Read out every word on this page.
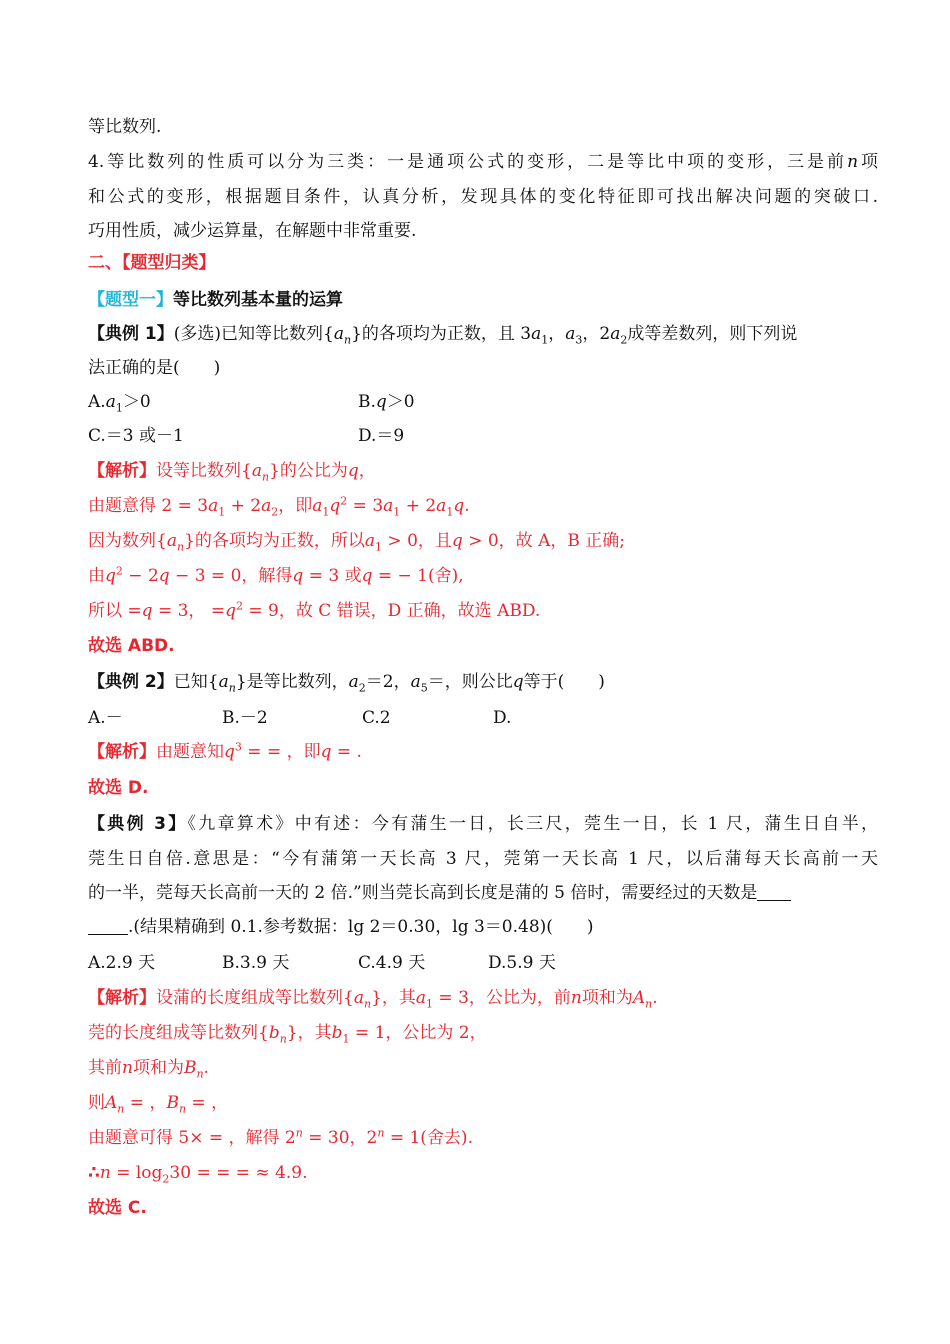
等比数列.
4.等比数列的性质可以分为三类：一是通项公式的变形，二是等比中项的变形，三是前n项
和公式的变形，根据题目条件，认真分析，发现具体的变化特征即可找出解决问题的突破口.
巧用性质，减少运算量，在解题中非常重要.
二、【题型归类】
【题型一】等比数列基本量的运算
【典例 1】(多选)已知等比数列$\{a_n\}$的各项均为正数，且 $3a_1$，$a_3$，$2a_2$成等差数列，则下列说
法正确的是(　　)
$A.a_1>0$	B.q＞0
C.＝3 或－1	D.＝9
【解析】设等比数列$\{a_n\}$的公比为q，
由题意得 $2 = 3a_1 + 2a_2$，即$a_1q^2 = 3a_1 + 2a_1q$.
因为数列$\{a_n\}$的各项均为正数，所以$a_1 > 0$，且q > 0，故 A，B 正确;
由$q^2 - 2q - 3 = 0$，解得q = 3 或q = − 1(舍),
所以 =q = 3， $=q^2 = 9$，故 C 错误，D 正确，故选 ABD.
故选 ABD.
【典例 2】已知$\{a_n\}$是等比数列，$a_2=2$，$a_5=$，则公比q等于(　　)
A.－	B.－2	C.2	D.
【解析】由题意知$q^3$ = = ，即q = .
故选 D.
【典例 3】《九章算术》中有述：今有蒲生一日，长三尺，莞生一日，长 1 尺，蒲生日自半，
莞生日自倍.意思是：“今有蒲第一天长高 3 尺，莞第一天长高 1 尺，以后蒲每天长高前一天
的一半，莞每天长高前一天的 2 倍.”则当莞长高到长度是蒲的 5 倍时，需要经过的天数是
.(结果精确到 0.1.参考数据：lg 2＝0.30，lg 3＝0.48)(　　)
A.2.9 天	B.3.9 天	C.4.9 天	D.5.9 天
【解析】设蒲的长度组成等比数列$\{a_n\}$，其$a_1 = 3$，公比为，前n项和为$A_n$.
莞的长度组成等比数列$\{b_n\}$，其$b_1 = 1$，公比为 2，
其前n项和为$B_n$.
则$A_n$ = ，$B_n$ = ，
由题意可得 5× = ，解得 $2^n = 30$，$2^n = 1$(舍去).
∴n = $\log_230$ = = = ≈ 4.9.
故选 C.
